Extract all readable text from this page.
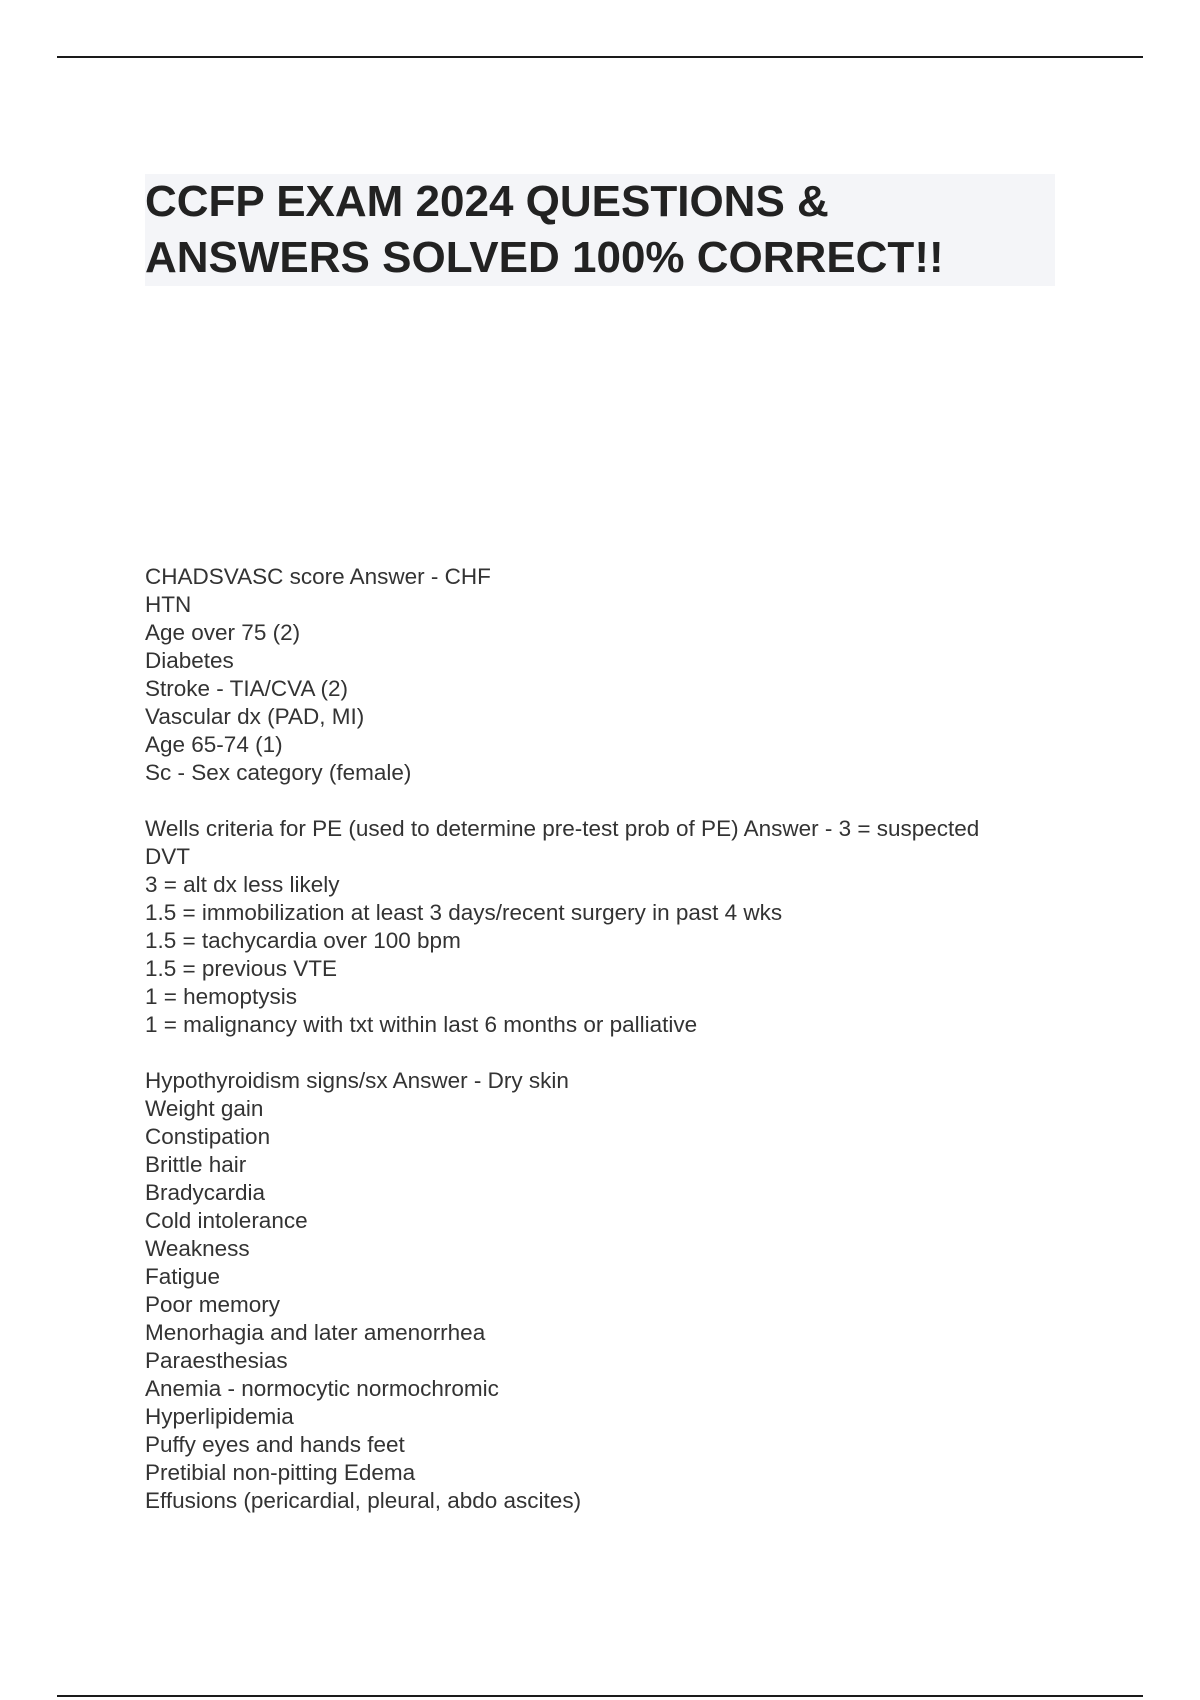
CCFP EXAM 2024 QUESTIONS &
ANSWERS SOLVED 100% CORRECT!!
CHADSVASC score Answer - CHF
HTN
Age over 75 (2)
Diabetes
Stroke - TIA/CVA (2)
Vascular dx (PAD, MI)
Age 65-74 (1)
Sc - Sex category (female)
Wells criteria for PE (used to determine pre-test prob of PE) Answer - 3 = suspected
DVT
3 = alt dx less likely
1.5 = immobilization at least 3 days/recent surgery in past 4 wks
1.5 = tachycardia over 100 bpm
1.5 = previous VTE
1 = hemoptysis
1 = malignancy with txt within last 6 months or palliative
Hypothyroidism signs/sx Answer - Dry skin
Weight gain
Constipation
Brittle hair
Bradycardia
Cold intolerance
Weakness
Fatigue
Poor memory
Menorhagia and later amenorrhea
Paraesthesias
Anemia - normocytic normochromic
Hyperlipidemia
Puffy eyes and hands feet
Pretibial non-pitting Edema
Effusions (pericardial, pleural, abdo ascites)
